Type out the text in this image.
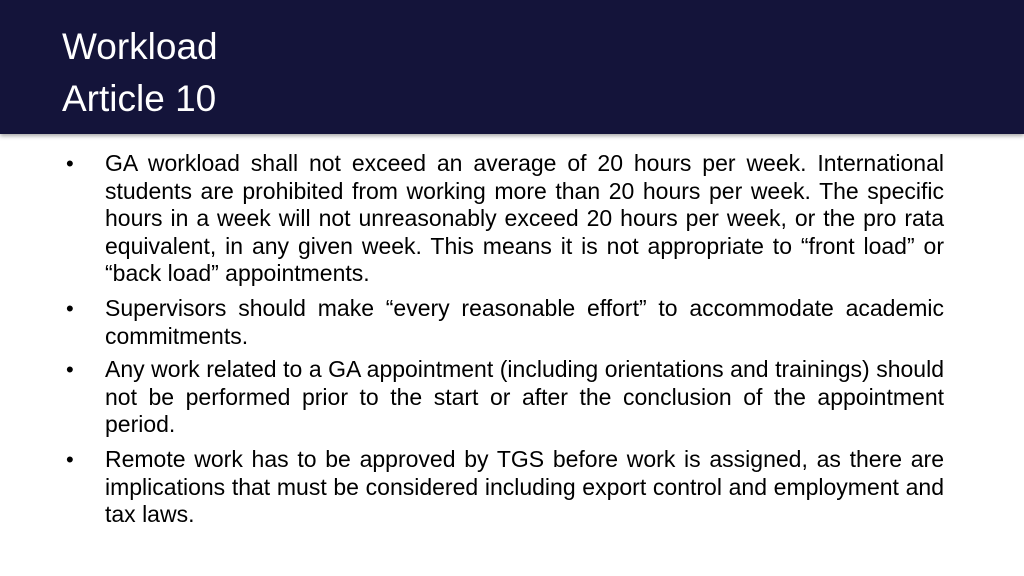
Workload
Article 10
• GA workload shall not exceed an average of 20 hours per week. International students are prohibited from working more than 20 hours per week. The specific hours in a week will not unreasonably exceed 20 hours per week, or the pro rata equivalent, in any given week. This means it is not appropriate to “front load” or “back load” appointments.
• Supervisors should make “every reasonable effort” to accommodate academic commitments.
• Any work related to a GA appointment (including orientations and trainings) should not be performed prior to the start or after the conclusion of the appointment period.
• Remote work has to be approved by TGS before work is assigned, as there are implications that must be considered including export control and employment and tax laws.
